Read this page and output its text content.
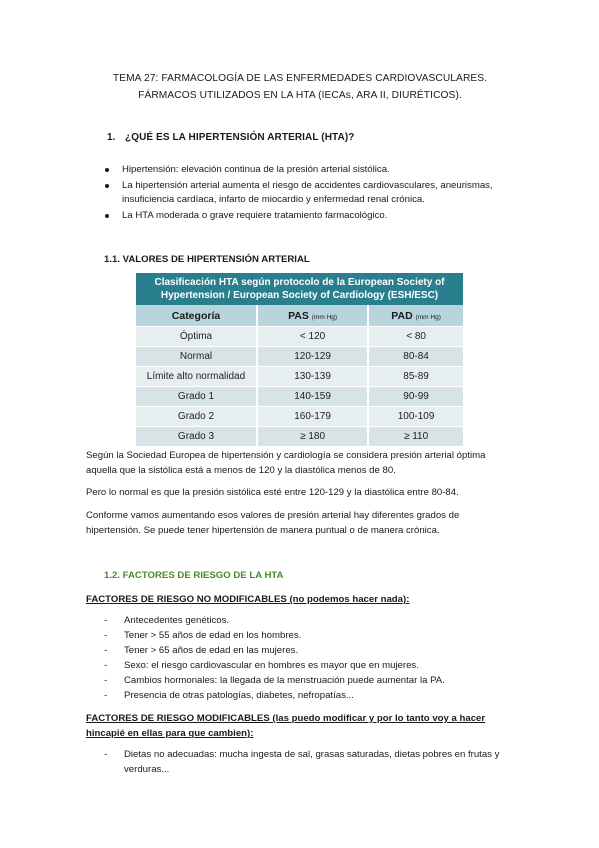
TEMA 27: FARMACOLOGÍA DE LAS ENFERMEDADES CARDIOVASCULARES. FÁRMACOS UTILIZADOS EN LA HTA (IECAs, ARA II, DIURÉTICOS).
1. ¿QUÉ ES LA HIPERTENSIÓN ARTERIAL (HTA)?
Hipertensión: elevación continua de la presión arterial sistólica.
La hipertensión arterial aumenta el riesgo de accidentes cardiovasculares, aneurismas, insuficiencia cardíaca, infarto de miocardio y enfermedad renal crónica.
La HTA moderada o grave requiere tratamiento farmacológico.
1.1. VALORES DE HIPERTENSIÓN ARTERIAL
Clasificación HTA según protocolo de la European Society of Hypertension / European Society of Cardiology (ESH/ESC)		
Categoría	PAS (mm Hg)	PAD (mm Hg)
Óptima	< 120	< 80
Normal	120-129	80-84
Límite alto normalidad	130-139	85-89
Grado 1	140-159	90-99
Grado 2	160-179	100-109
Grado 3	≥ 180	≥ 110

Según la Sociedad Europea de hipertensión y cardiología se considera presión arterial óptima aquella que la sistólica está a menos de 120 y la diastólica menos de 80.

Pero lo normal es que la presión sistólica esté entre 120-129 y la diastólica entre 80-84.

Conforme vamos aumentando esos valores de presión arterial hay diferentes grados de hipertensión. Se puede tener hipertensión de manera puntual o de manera crónica.

1.2. FACTORES DE RIESGO DE LA HTA

FACTORES DE RIESGO NO MODIFICABLES (no podemos hacer nada):

- Antecedentes genéticos.
- Tener > 55 años de edad en los hombres.
- Tener > 65 años de edad en las mujeres.
- Sexo: el riesgo cardiovascular en hombres es mayor que en mujeres.
- Cambios hormonales: la llegada de la menstruación puede aumentar la PA.
- Presencia de otras patologías, diabetes, nefropatías...

FACTORES DE RIESGO MODIFICABLES (las puedo modificar y por lo tanto voy a hacer hincapié en ellas para que cambien):

- Dietas no adecuadas: mucha ingesta de sal, grasas saturadas, dietas pobres en frutas y verduras...
